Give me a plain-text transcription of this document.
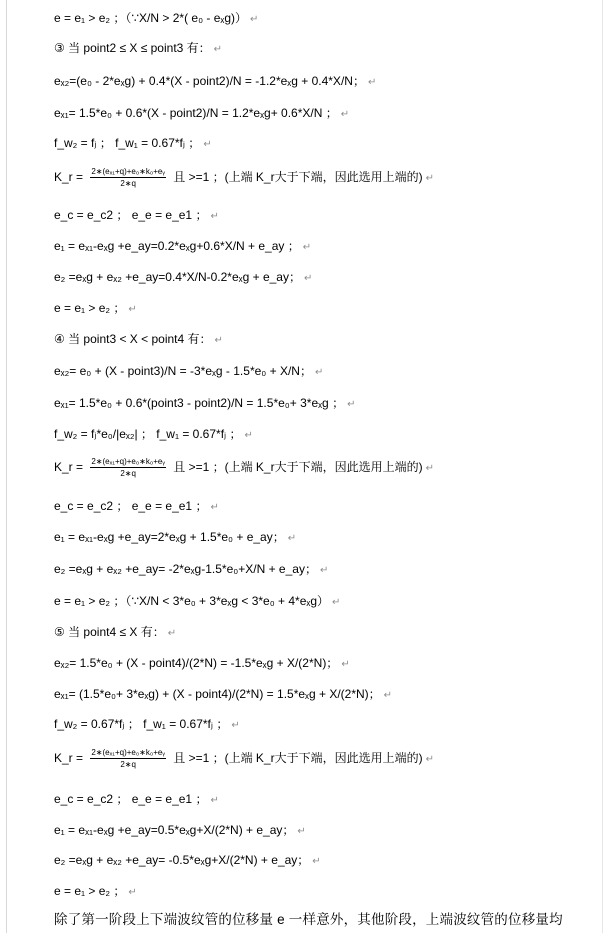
e = e₁ > e₂ ；（∵X/N > 2*( e₀ - eₓg)） ↵
③ 当 point2 ≤ X ≤ point3 有： ↵
eₓ₂=(e₀ - 2*eₓg) + 0.4*(X - point2)/N = -1.2*eₓg + 0.4*X/N； ↵
eₓ₁= 1.5*e₀ + 0.6*(X - point2)/N = 1.2*eₓg+ 0.6*X/N ； ↵
f_w₂ = fⱼ ； f_w₁ = 0.67*fⱼ ； ↵
K_r = $\frac{\text{2∗(eₓ₁+q)+e₀∗k₀+eᵧ}}{2∗q}$ 且 >=1 ；(上端 K_r大于下端，因此选用上端的) ↵
e_c = e_c2 ； e_e = e_e1 ； ↵
e₁ = eₓ₁-eₓg +e_ay=0.2*eₓg+0.6*X/N + e_ay ； ↵
e₂ =eₓg + eₓ₂ +e_ay=0.4*X/N-0.2*eₓg + e_ay； ↵
e = e₁ > e₂ ； ↵
④ 当 point3 < X < point4 有： ↵
eₓ₂= e₀ + (X - point3)/N = -3*eₓg - 1.5*e₀ + X/N； ↵
eₓ₁= 1.5*e₀ + 0.6*(point3 - point2)/N = 1.5*e₀+ 3*eₓg ； ↵
f_w₂ = fⱼ*e₀/|eₓ₂| ； f_w₁ = 0.67*fⱼ ； ↵
K_r = $\frac{\text{2∗(eₓ₁+q)+e₀∗k₀+eᵧ}}{2∗q}$ 且 >=1 ；(上端 K_r大于下端，因此选用上端的) ↵
e_c = e_c2 ； e_e = e_e1 ； ↵
e₁ = eₓ₁-eₓg +e_ay=2*eₓg + 1.5*e₀ + e_ay； ↵
e₂ =eₓg + eₓ₂ +e_ay= -2*eₓg-1.5*e₀+X/N + e_ay； ↵
e = e₁ > e₂ ；（∵X/N < 3*e₀ + 3*eₓg < 3*e₀ + 4*eₓg） ↵
⑤ 当 point4 ≤ X 有： ↵
eₓ₂= 1.5*e₀ + (X - point4)/(2*N) = -1.5*eₓg + X/(2*N)； ↵
eₓ₁= (1.5*e₀+ 3*eₓg) + (X - point4)/(2*N) = 1.5*eₓg + X/(2*N)； ↵
f_w₂ = 0.67*fⱼ ； f_w₁ = 0.67*fⱼ ； ↵
K_r = $\frac{\text{2∗(eₓ₁+q)+e₀∗k₀+eᵧ}}{2∗q}$ 且 >=1 ；(上端 K_r大于下端，因此选用上端的) ↵
e_c = e_c2 ； e_e = e_e1 ； ↵
e₁ = eₓ₁-eₓg +e_ay=0.5*eₓg+X/(2*N) + e_ay； ↵
e₂ =eₓg + eₓ₂ +e_ay= -0.5*eₓg+X/(2*N) + e_ay； ↵
e = e₁ > e₂ ； ↵
除了第一阶段上下端波纹管的位移量 e 一样意外，其他阶段，上端波纹管的位移量均
